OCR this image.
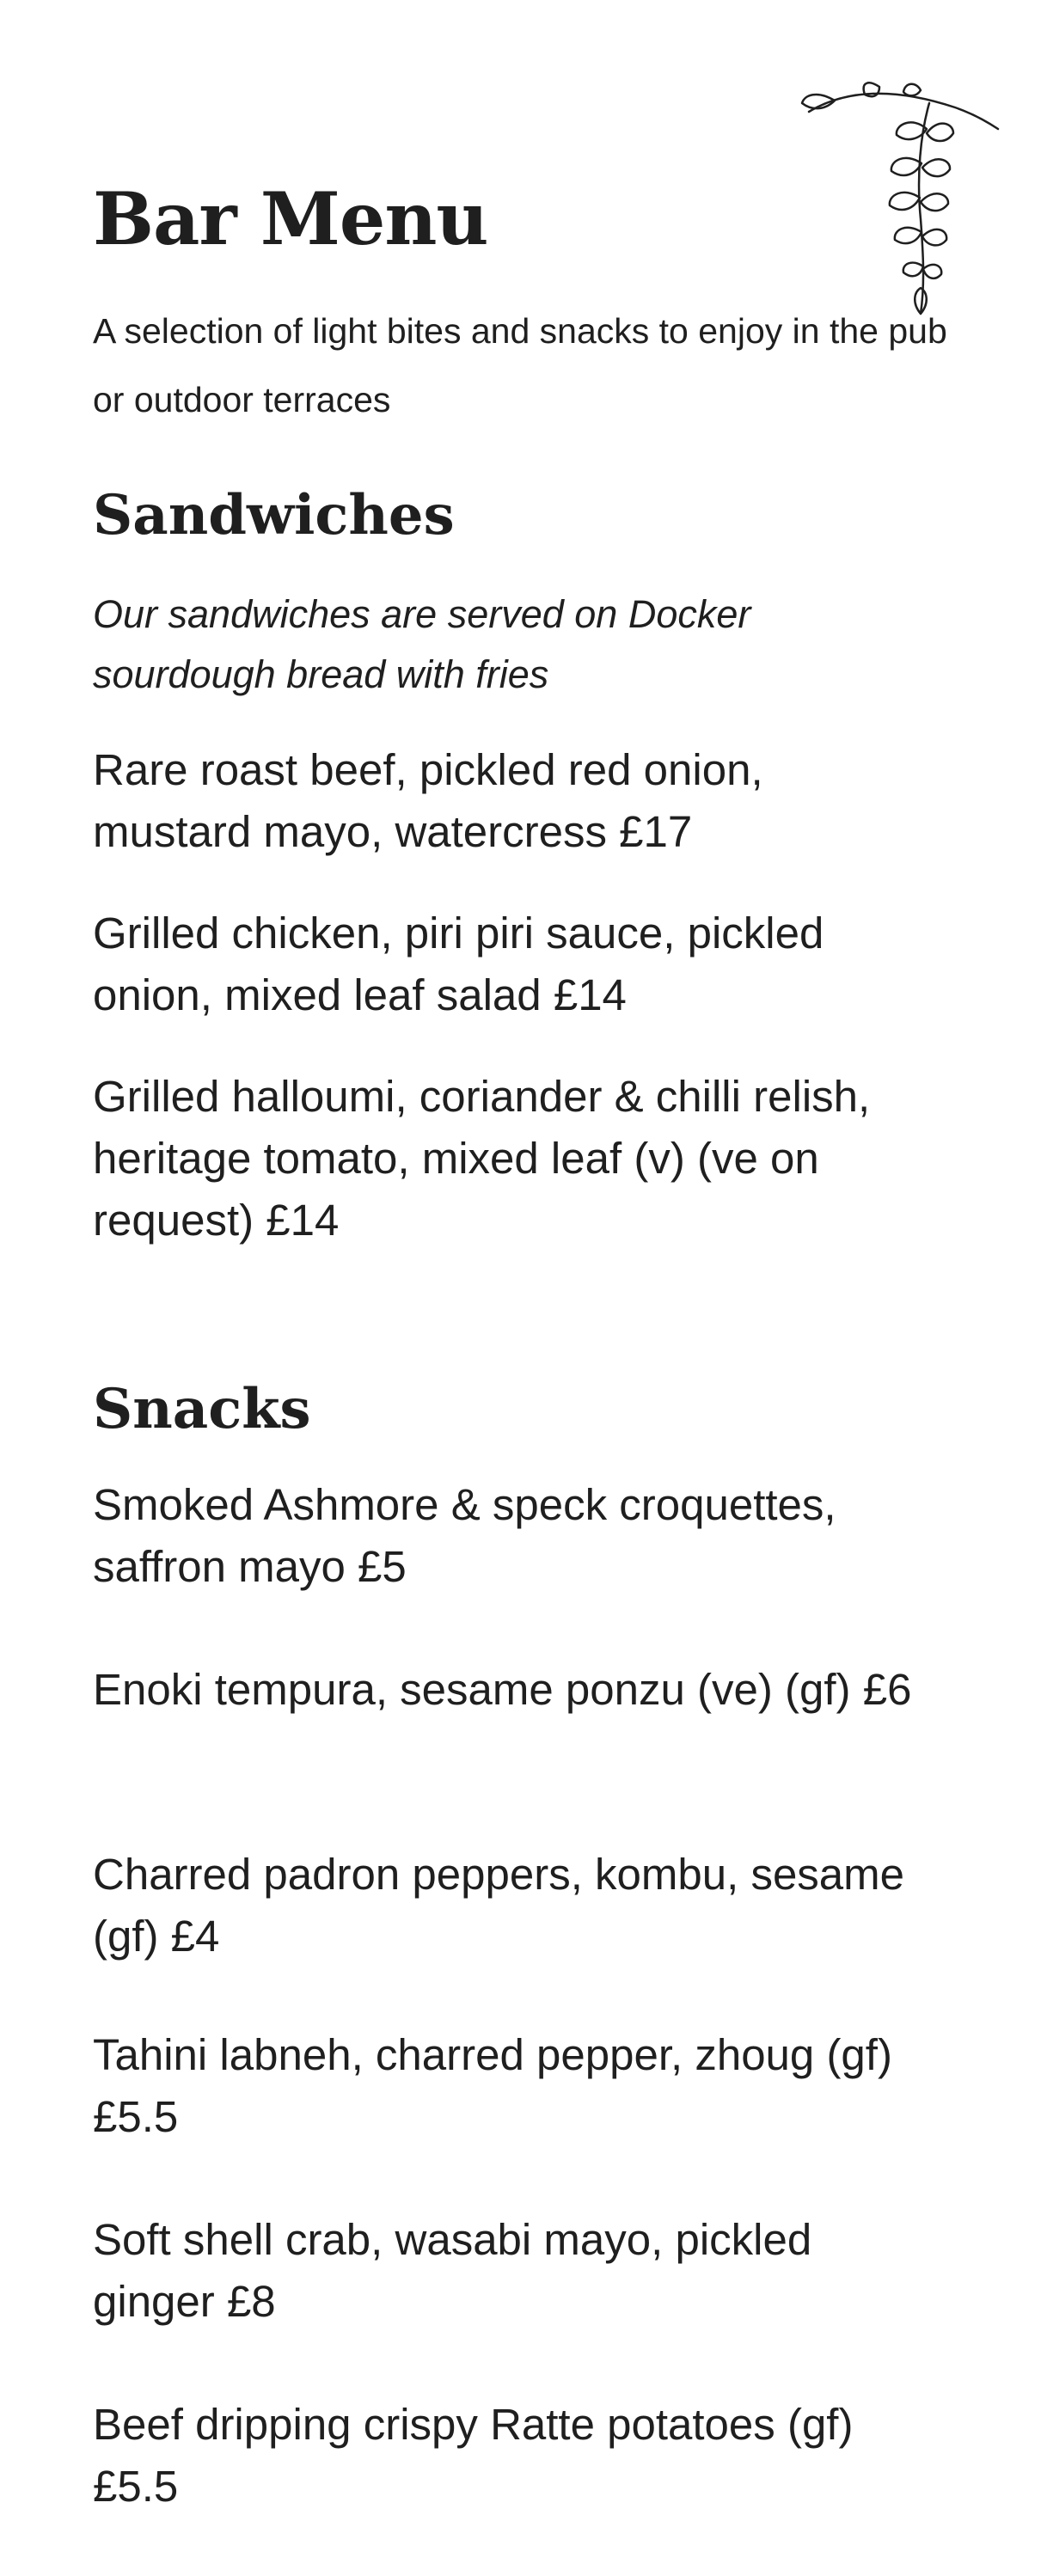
Bar Menu

A selection of light bites and snacks to enjoy in the pub or outdoor terraces

Sandwiches

Our sandwiches are served on Docker sourdough bread with fries

Rare roast beef, pickled red onion, mustard mayo, watercress £17

Grilled chicken, piri piri sauce, pickled onion, mixed leaf salad £14

Grilled halloumi, coriander & chilli relish, heritage tomato, mixed leaf (v) (ve on request) £14

Snacks

Smoked Ashmore & speck croquettes, saffron mayo £5

Enoki tempura, sesame ponzu (ve) (gf) £6

Charred padron peppers, kombu, sesame (gf) £4

Tahini labneh, charred pepper, zhoug (gf) £5.5

Soft shell crab, wasabi mayo, pickled ginger £8

Beef dripping crispy Ratte potatoes (gf) £5.5
